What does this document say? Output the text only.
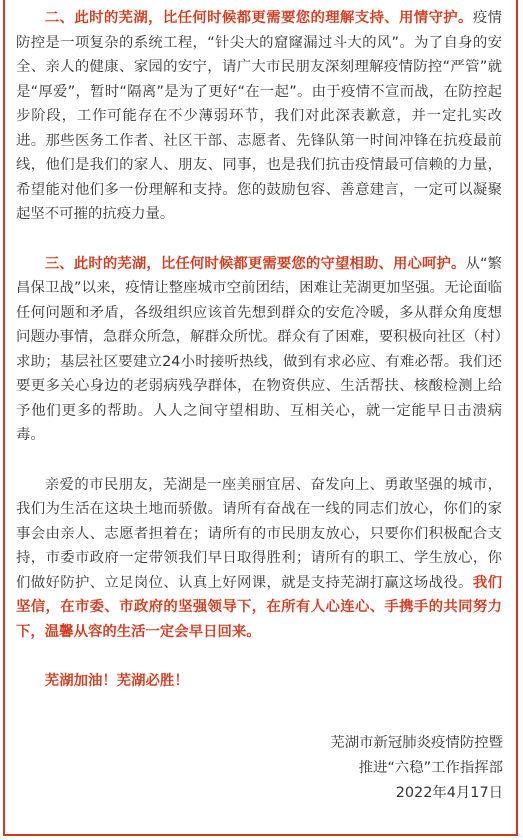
二、此时的芜湖，比任何时候都更需要您的理解支持、用情守护。疫情防控是一项复杂的系统工程，“针尖大的窟窿漏过斗大的风”。为了自身的安全、亲人的健康、家园的安宁，请广大市民朋友深刻理解疫情防控“严管”就是“厚爱”，暂时“隔离”是为了更好“在一起”。由于疫情不宣而战，在防控起步阶段，工作可能存在不少薄弱环节，我们对此深表歉意，并一定扎实改进。那些医务工作者、社区干部、志愿者、先锋队第一时间冲锋在抗疫最前线，他们是我们的家人、朋友、同事，也是我们抗击疫情最可信赖的力量，希望能对他们多一份理解和支持。您的鼓励包容、善意建言，一定可以凝聚起坚不可摧的抗疫力量。

三、此时的芜湖，比任何时候都更需要您的守望相助、用心呵护。从“繁昌保卫战”以来，疫情让整座城市空前团结，困难让芜湖更加坚强。无论面临任何问题和矛盾，各级组织应该首先想到群众的安危冷暖，多从群众角度想问题办事情，急群众所急，解群众所忧。群众有了困难，要积极向社区（村）求助；基层社区要建立24小时接听热线，做到有求必应、有难必帮。我们还要更多关心身边的老弱病残孕群体，在物资供应、生活帮扶、核酸检测上给予他们更多的帮助。人人之间守望相助、互相关心，就一定能早日击溃病毒。

亲爱的市民朋友，芜湖是一座美丽宜居、奋发向上、勇敢坚强的城市，我们为生活在这块土地而骄傲。请所有奋战在一线的同志们放心，你们的家事会由亲人、志愿者担着在；请所有的市民朋友放心，只要你们积极配合支持，市委市政府一定带领我们早日取得胜利；请所有的职工、学生放心，你们做好防护、立足岗位、认真上好网课，就是支持芜湖打赢这场战役。我们坚信，在市委、市政府的坚强领导下，在所有人心连心、手携手的共同努力下，温馨从容的生活一定会早日回来。

芜湖加油！芜湖必胜！

芜湖市新冠肺炎疫情防控暨
推进“六稳”工作指挥部
2022年4月17日
